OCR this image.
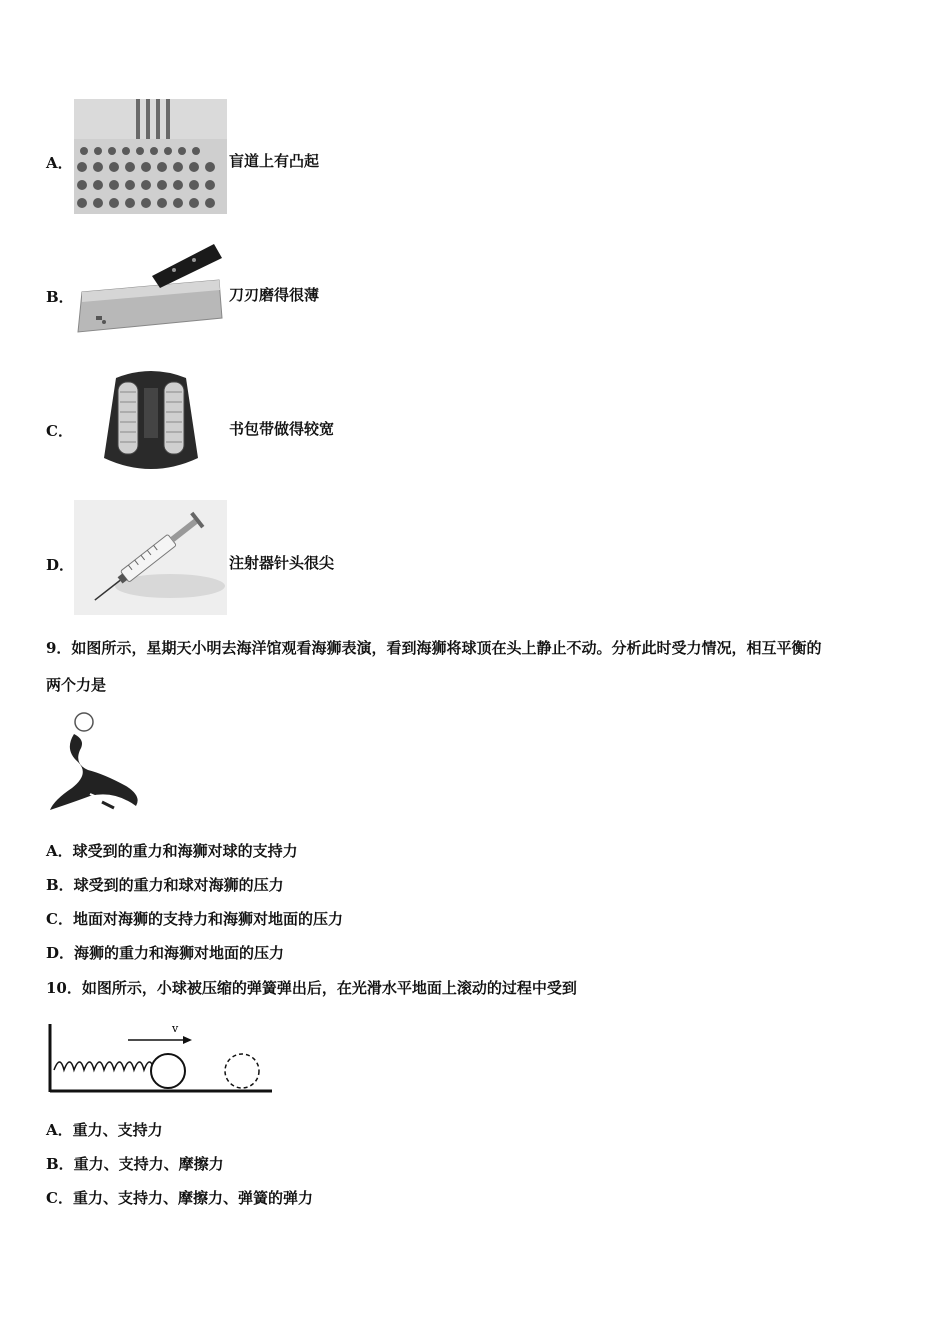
A．	盲道上有凸起
B．	刀刃磨得很薄
C．	书包带做得较宽
D．	注射器针头很尖
9．如图所示，星期天小明去海洋馆观看海狮表演，看到海狮将球顶在头上静止不动。分析此时受力情况，相互平衡的
两个力是
A．球受到的重力和海狮对球的支持力
B．球受到的重力和球对海狮的压力
C．地面对海狮的支持力和海狮对地面的压力
D．海狮的重力和海狮对地面的压力
10．如图所示，小球被压缩的弹簧弹出后，在光滑水平地面上滚动的过程中受到
v
A．重力、支持力
B．重力、支持力、摩擦力
C．重力、支持力、摩擦力、弹簧的弹力
